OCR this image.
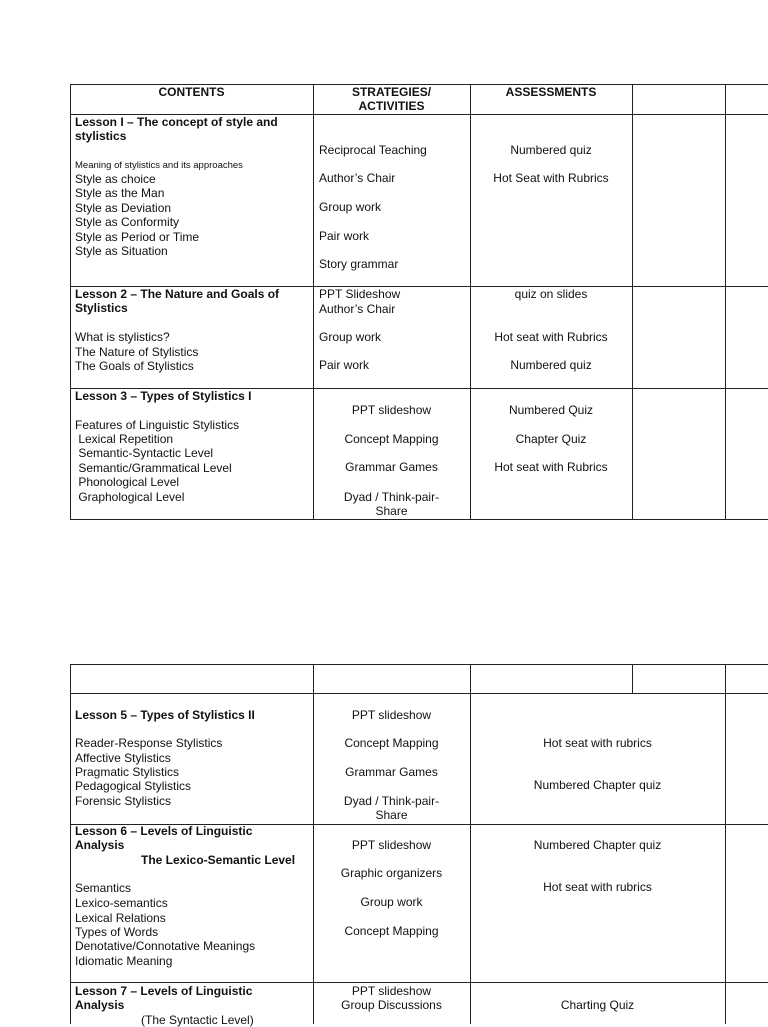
CONTENTS	STRATEGIES/
ACTIVITIES
ASSESSMENTS
Lesson I – The concept of style and
stylistics
Meaning of stylistics and its approaches
Style as choice
Style as the Man
Style as Deviation
Style as Conformity
Style as Period or Time
Style as Situation
Reciprocal Teaching
Author’s Chair
Group work
Pair work
Story grammar
Numbered quiz
Hot Seat with Rubrics
Lesson 2 – The Nature and Goals of
Stylistics
What is stylistics?
The Nature of Stylistics
The Goals of Stylistics
PPT Slideshow
Author’s Chair
Group work
Pair work
quiz on slides
Hot seat with Rubrics
Numbered quiz
Lesson 3 – Types of Stylistics I
Features of Linguistic Stylistics
Lexical Repetition
Semantic-Syntactic Level
Semantic/Grammatical Level
Phonological Level
Graphological Level
PPT slideshow
Concept Mapping
Grammar Games
Dyad / Think-pair-
Share
Numbered Quiz
Chapter Quiz
Hot seat with Rubrics
Lesson 5 – Types of Stylistics II
Reader-Response Stylistics
Affective Stylistics
Pragmatic Stylistics
Pedagogical Stylistics
Forensic Stylistics
PPT slideshow
Concept Mapping
Grammar Games
Dyad / Think-pair-
Share
Hot seat with rubrics
Numbered Chapter quiz
Lesson 6 – Levels of Linguistic
Analysis
The Lexico-Semantic Level
Semantics
Lexical Relations
Lexico-semantics
Types of Words
Denotative/Connotative Meanings
Idiomatic Meaning
PPT slideshow
Graphic organizers
Group work
Concept Mapping
Numbered Chapter quiz
Hot seat with rubrics
Lesson 7 – Levels of Linguistic
Analysis
(The Syntactic Level)
PPT slideshow
Group Discussions	Charting Quiz
